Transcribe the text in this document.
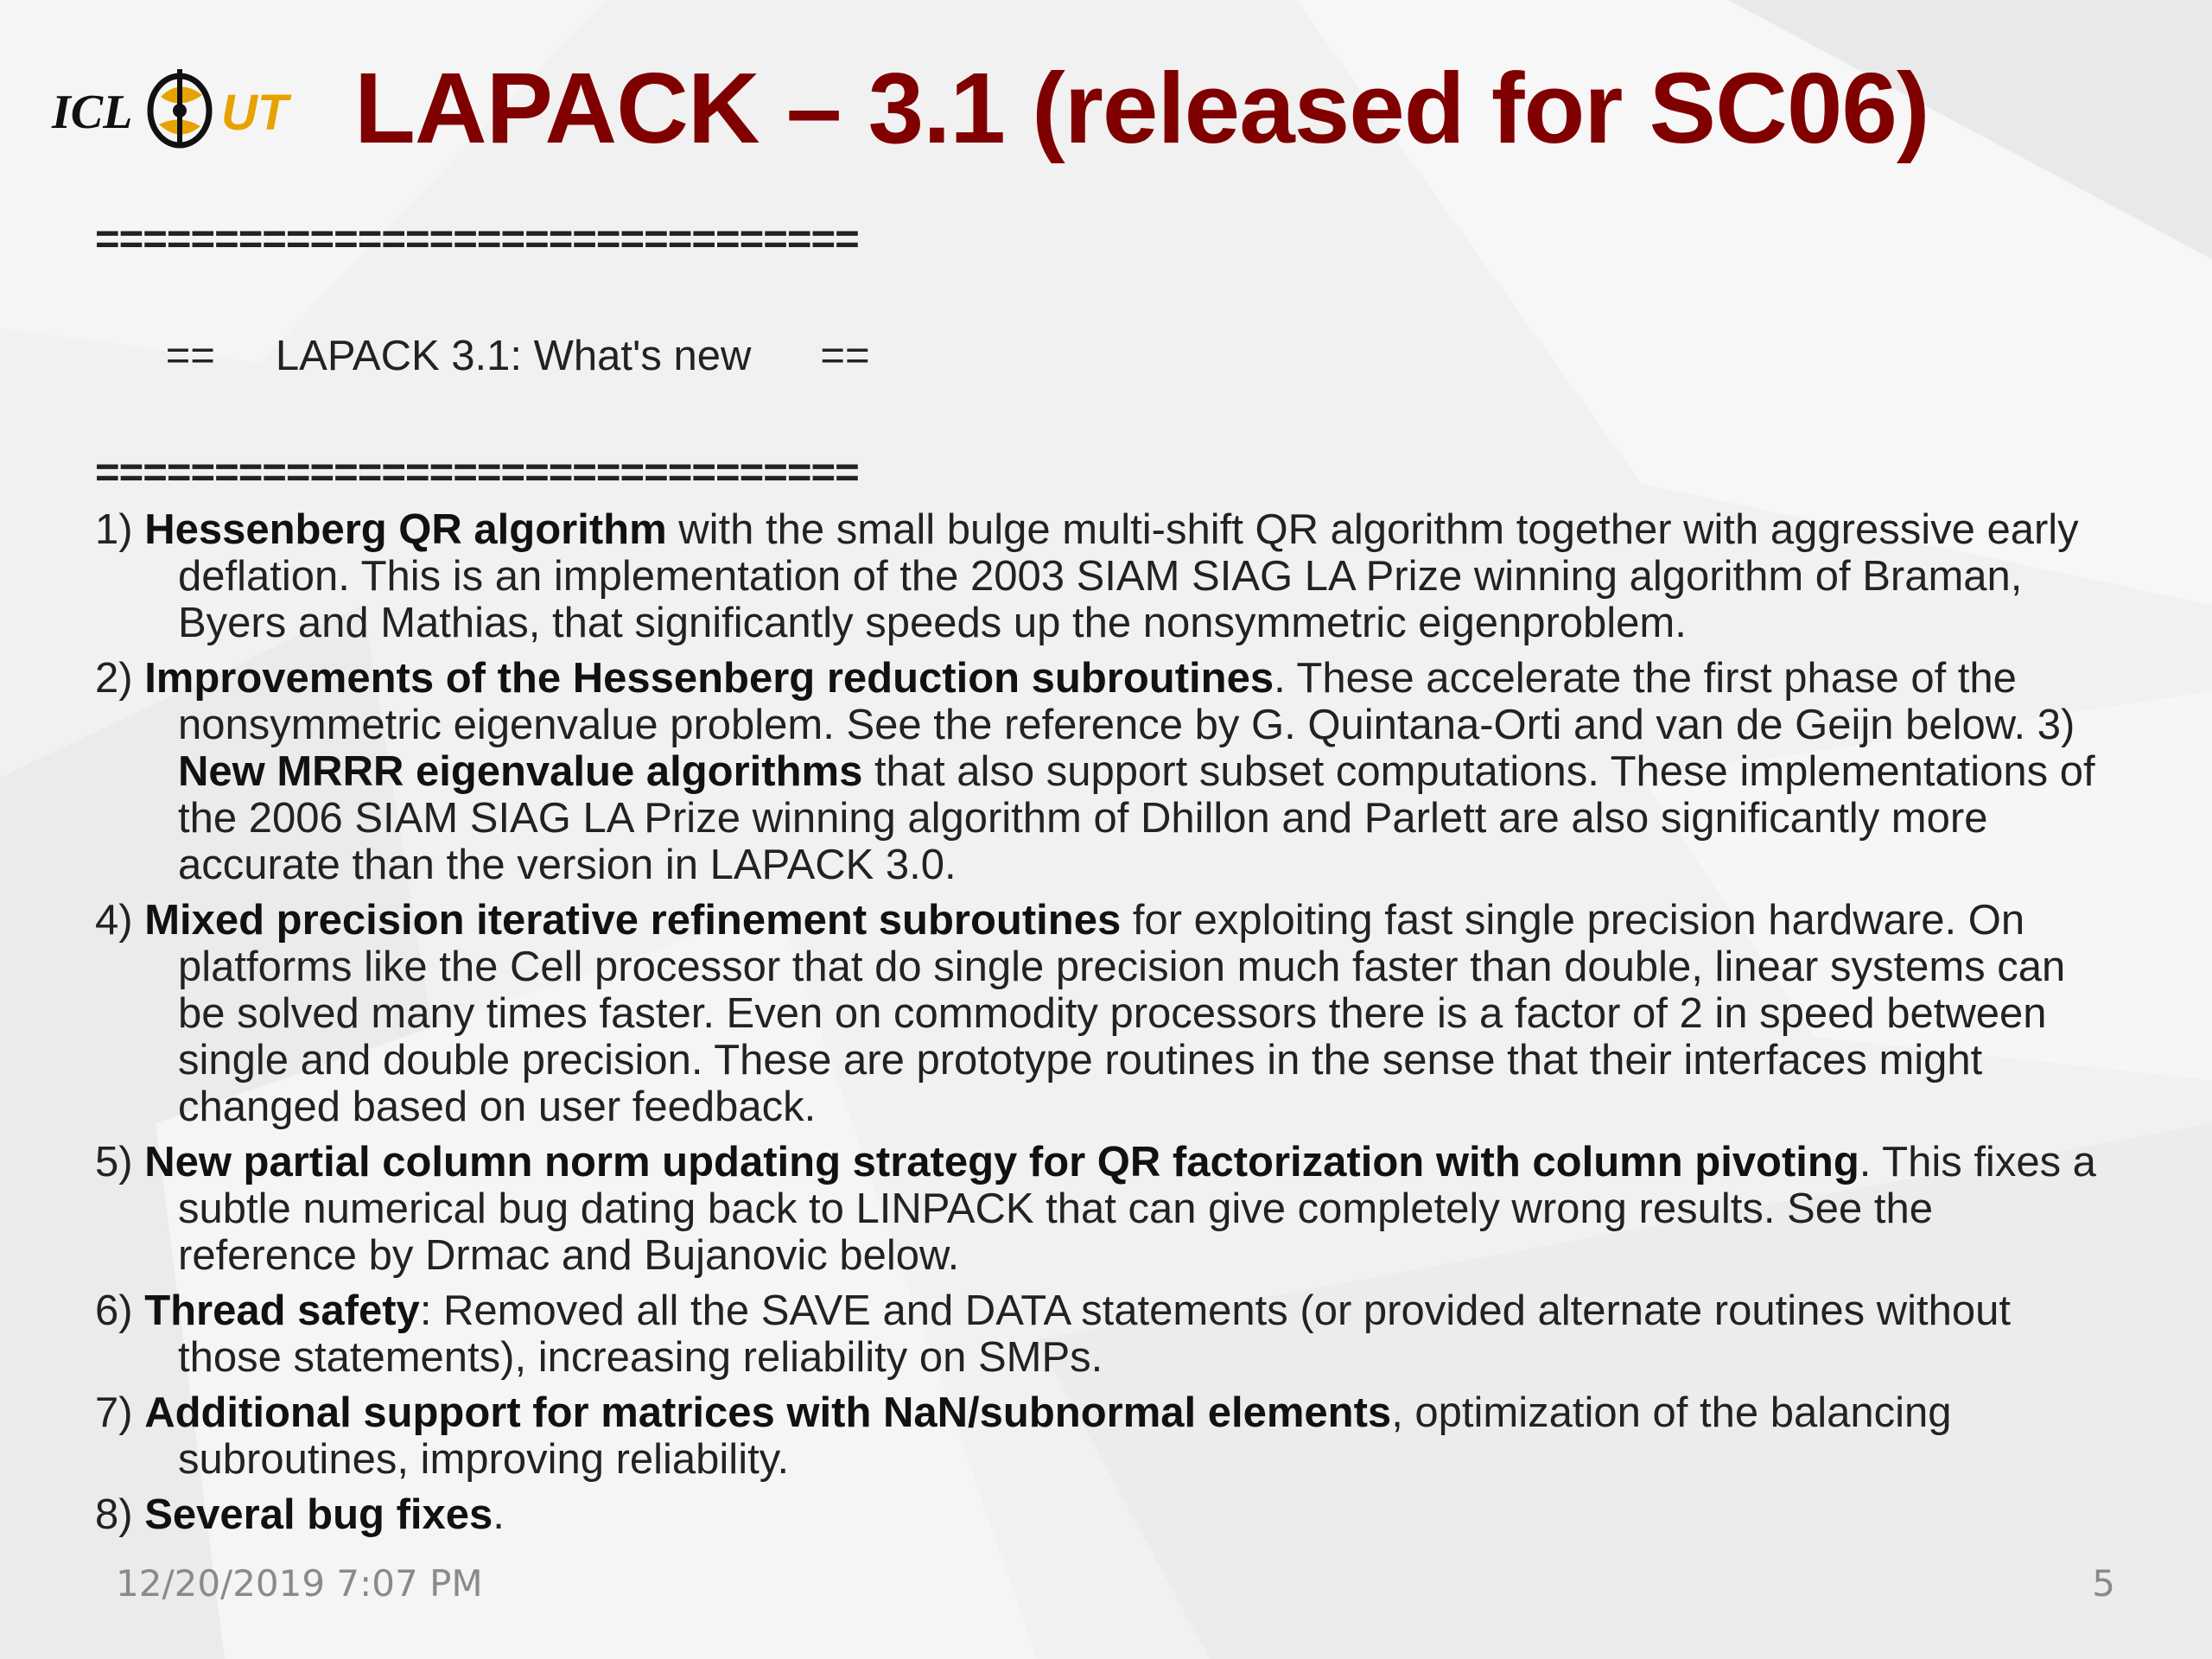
ICL UT LAPACK – 3.1 (released for SC06)
================================

== LAPACK 3.1: What's new ==

================================
1) Hessenberg QR algorithm with the small bulge multi-shift QR algorithm together with aggressive early deflation. This is an implementation of the 2003 SIAM SIAG LA Prize winning algorithm of Braman, Byers and Mathias, that significantly speeds up the nonsymmetric eigenproblem.
2) Improvements of the Hessenberg reduction subroutines. These accelerate the first phase of the nonsymmetric eigenvalue problem. See the reference by G. Quintana-Orti and van de Geijn below. 3) New MRRR eigenvalue algorithms that also support subset computations. These implementations of the 2006 SIAM SIAG LA Prize winning algorithm of Dhillon and Parlett are also significantly more accurate than the version in LAPACK 3.0.
4) Mixed precision iterative refinement subroutines for exploiting fast single precision hardware. On platforms like the Cell processor that do single precision much faster than double, linear systems can be solved many times faster. Even on commodity processors there is a factor of 2 in speed between single and double precision. These are prototype routines in the sense that their interfaces might changed based on user feedback.
5) New partial column norm updating strategy for QR factorization with column pivoting. This fixes a subtle numerical bug dating back to LINPACK that can give completely wrong results. See the reference by Drmac and Bujanovic below.
6) Thread safety: Removed all the SAVE and DATA statements (or provided alternate routines without those statements), increasing reliability on SMPs.
7) Additional support for matrices with NaN/subnormal elements, optimization of the balancing subroutines, improving reliability.
8) Several bug fixes.
12/20/2019 7:07 PM	5
